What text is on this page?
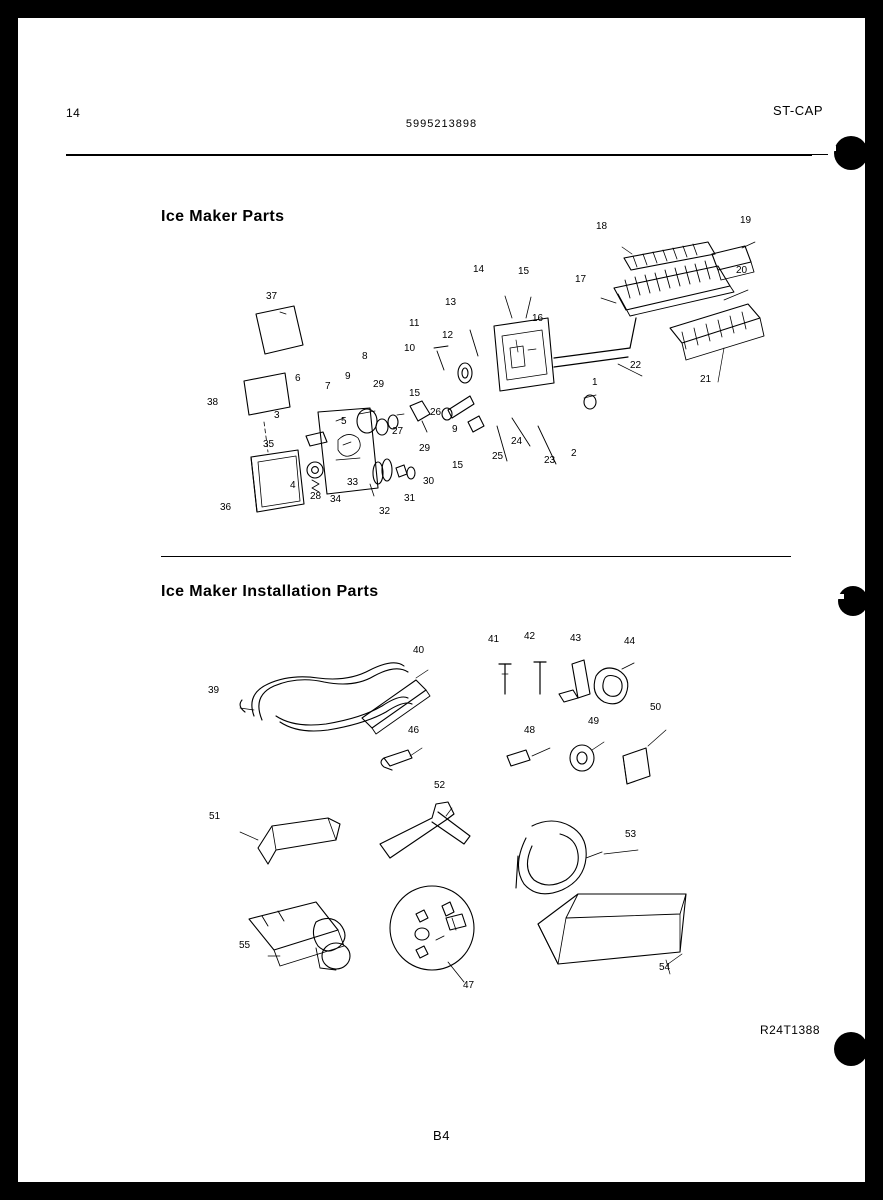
14
5995213898
ST-CAP
Ice Maker Parts
Ice Maker Installation Parts
R24T1388
B4
1
2
3
4
5
6
7
8
9
9
10
11
12
13
14	15
15
15
16
17
18
19
20
21
22
23
24
25
26
27
28
29
29
30
31
32
33
34
35
36
37
38
39
40
41 42	43	44
46
47
48
49
50
51
52
53
54
55
